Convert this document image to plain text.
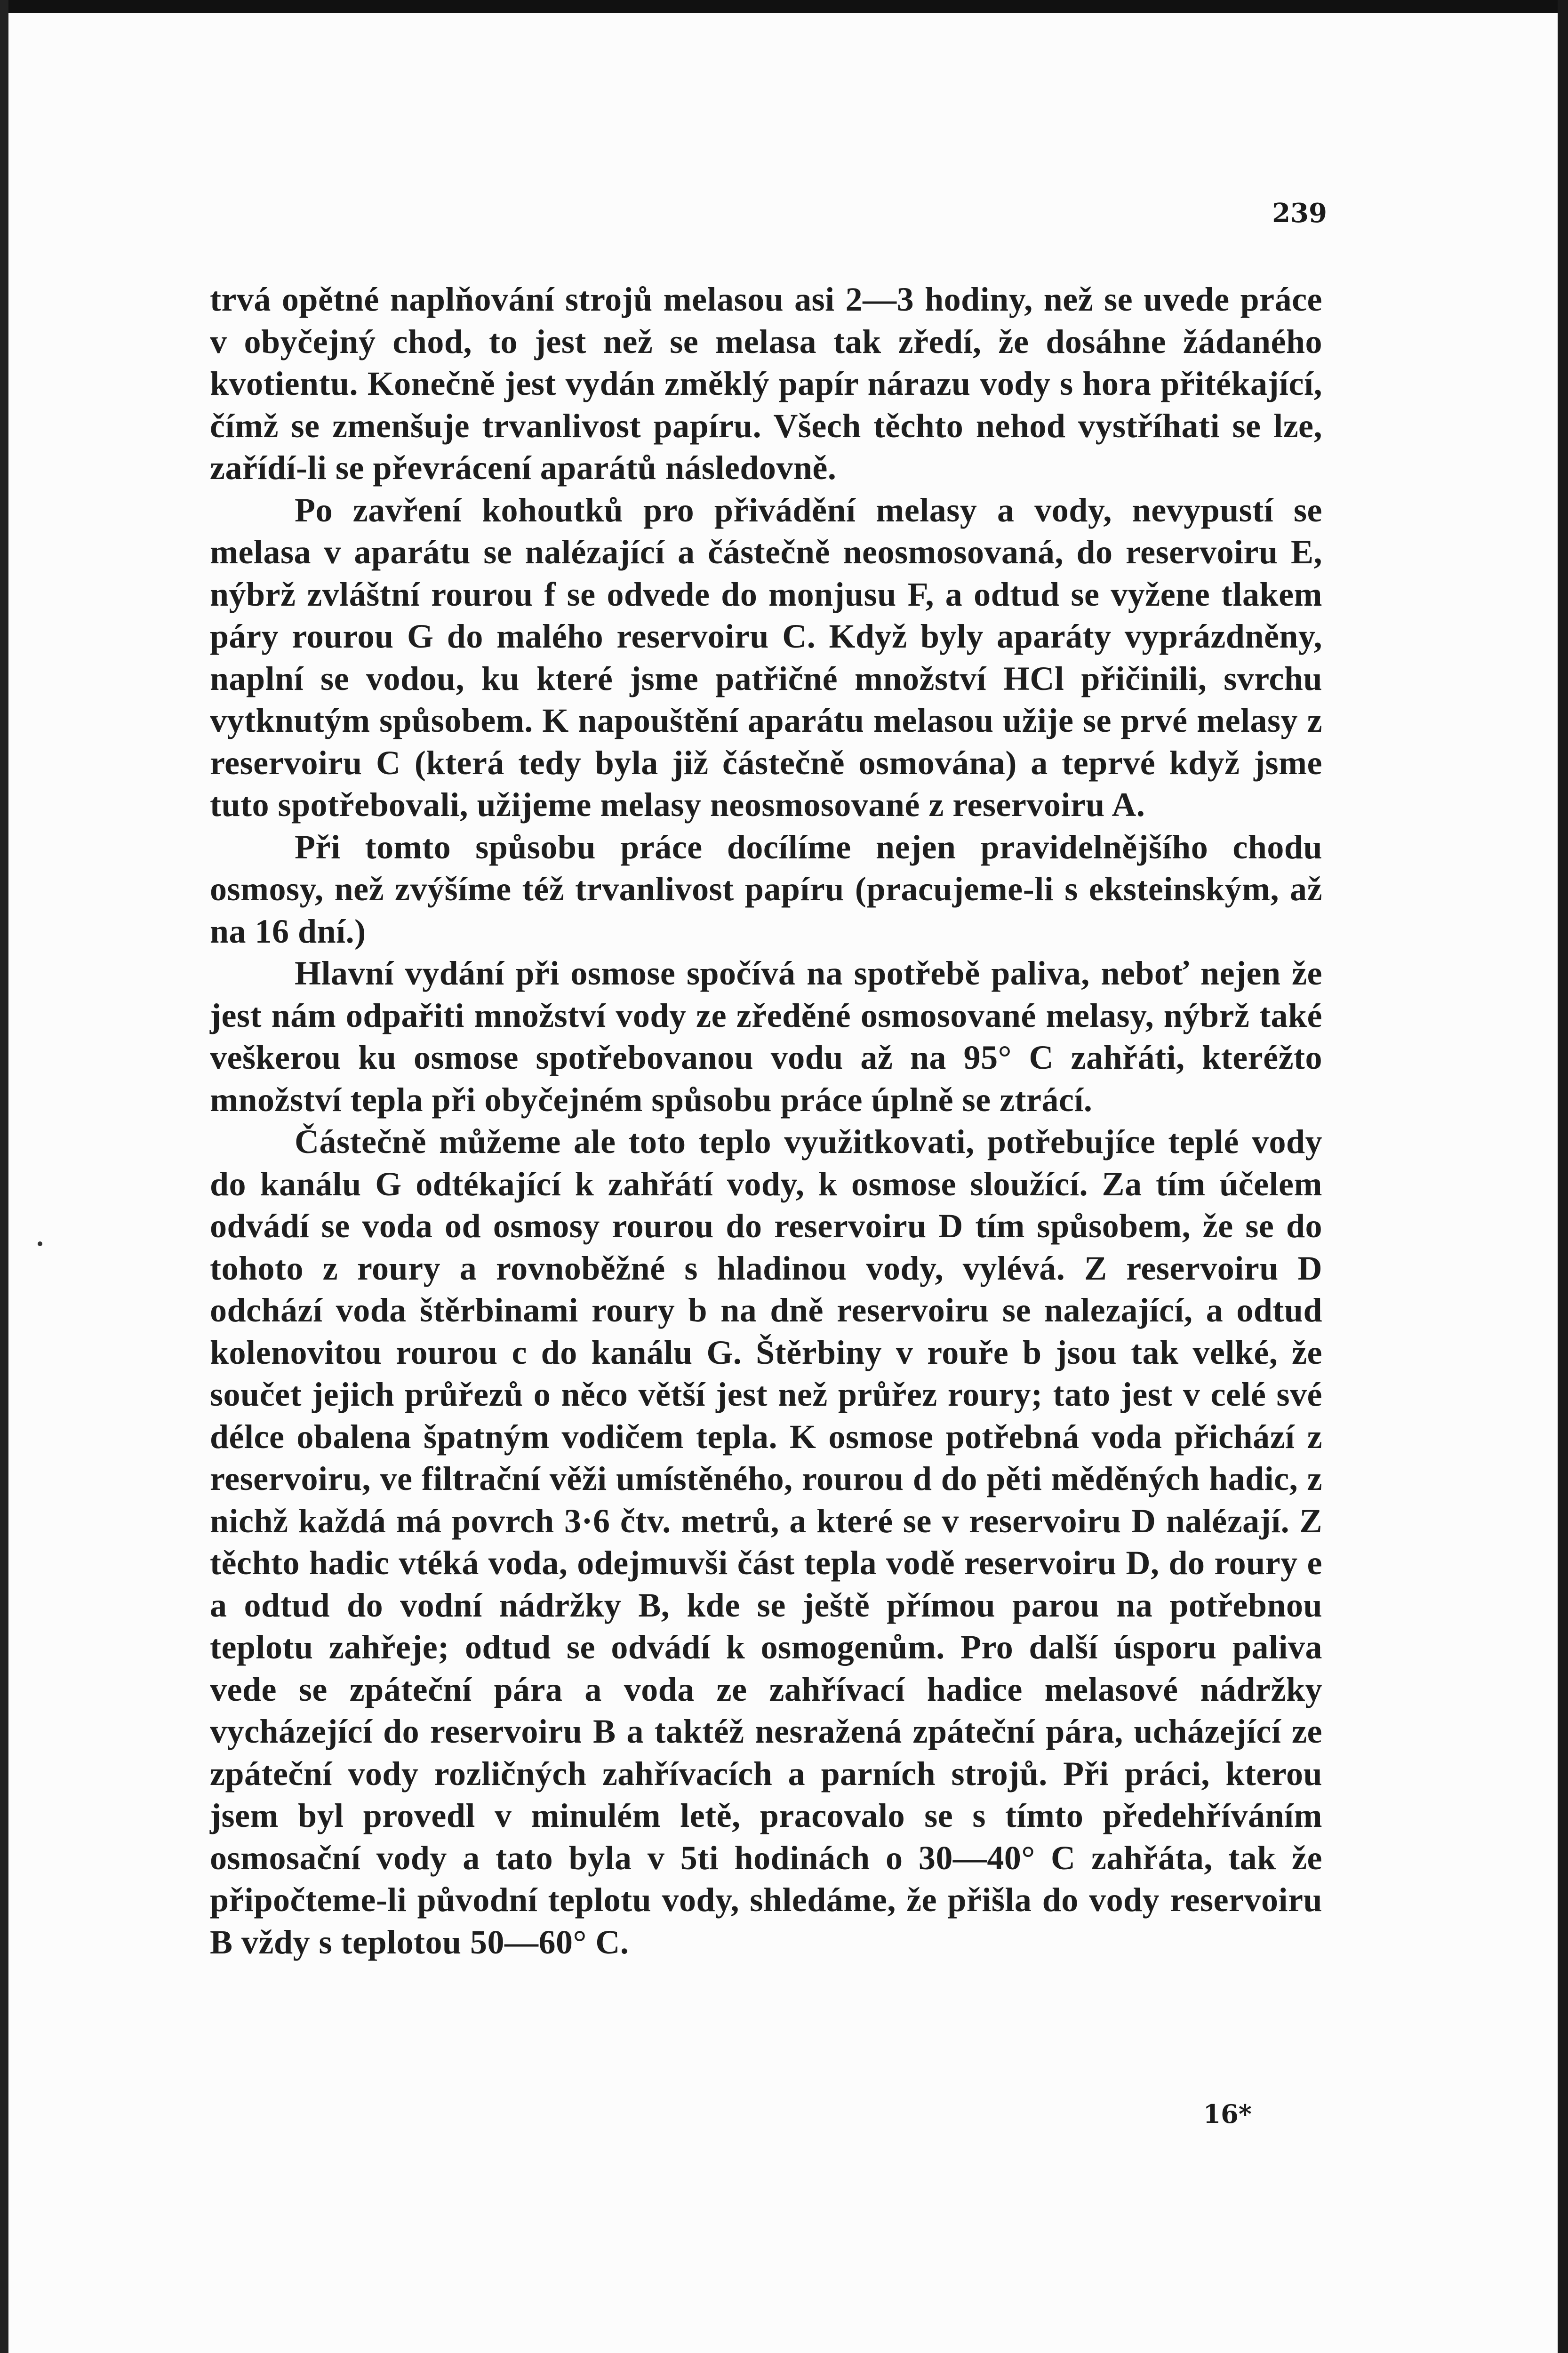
239

trvá opětné naplňování strojů melasou asi 2—3 hodiny, než se uvede práce v obyčejný chod, to jest než se melasa tak zředí, že dosáhne žádaného kvotientu. Konečně jest vydán změklý papír nárazu vody s hora přitékající, čímž se zmenšuje trvanlivost papíru. Všech těchto nehod vystříhati se lze, zařídí-li se převrácení aparátů následovně.

Po zavření kohoutků pro přivádění melasy a vody, nevypustí se melasa v aparátu se nalézající a částečně neosmosovaná, do reservoiru E, nýbrž zvláštní rourou f se odvede do monjusu F, a odtud se vyžene tlakem páry rourou G do malého reservoiru C. Když byly aparáty vyprázdněny, naplní se vodou, ku které jsme patřičné množství HCl přičinili, svrchu vytknutým spůsobem. K napouštění aparátu melasou užije se prvé melasy z reservoiru C (která tedy byla již částečně osmována) a teprvé když jsme tuto spotřebovali, užijeme melasy neosmosované z reservoiru A.

Při tomto spůsobu práce docílíme nejen pravidelnějšího chodu osmosy, než zvýšíme též trvanlivost papíru (pracujeme-li s eksteinským, až na 16 dní.)

Hlavní vydání při osmose spočívá na spotřebě paliva, neboť nejen že jest nám odpařiti množství vody ze zředěné osmosované melasy, nýbrž také veškerou ku osmose spotřebovanou vodu až na 95° C zahřáti, kteréžto množství tepla při obyčejném spůsobu práce úplně se ztrácí.

Částečně můžeme ale toto teplo využitkovati, potřebujíce teplé vody do kanálu G odtékající k zahřátí vody, k osmose sloužící. Za tím účelem odvádí se voda od osmosy rourou do reservoiru D tím spůsobem, že se do tohoto z roury a rovnoběžné s hladinou vody, vylévá. Z reservoiru D odchází voda štěrbinami roury b na dně reservoiru se nalezající, a odtud kolenovitou rourou c do kanálu G. Štěrbiny v rouře b jsou tak velké, že součet jejich průřezů o něco větší jest než průřez roury; tato jest v celé své délce obalena špatným vodičem tepla. K osmose potřebná voda přichází z reservoiru, ve filtrační věži umístěného, rourou d do pěti měděných hadic, z nichž každá má povrch 3·6 čtv. metrů, a které se v reservoiru D nalézají. Z těchto hadic vtéká voda, odejmuvši část tepla vodě reservoiru D, do roury e a odtud do vodní nádržky B, kde se ještě přímou parou na potřebnou teplotu zahřeje; odtud se odvádí k osmogenům. Pro další úsporu paliva vede se zpáteční pára a voda ze zahřívací hadice melasové nádržky vycházející do reservoiru B a taktéž nesražená zpáteční pára, ucházející ze zpáteční vody rozličných zahřívacích a parních strojů. Při práci, kterou jsem byl provedl v minulém letě, pracovalo se s tímto předehříváním osmosační vody a tato byla v 5ti hodinách o 30—40° C zahřáta, tak že připočteme-li původní teplotu vody, shledáme, že přišla do vody reservoiru B vždy s teplotou 50—60° C.

16*
